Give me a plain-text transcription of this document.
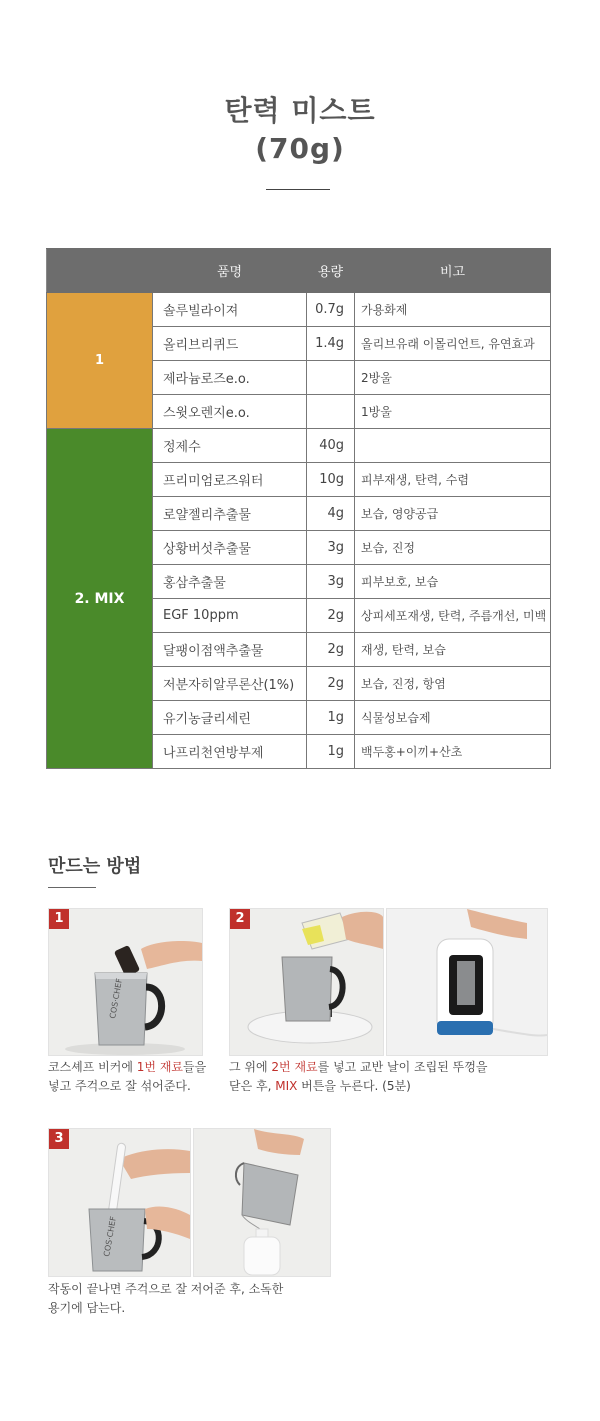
탄력 미스트
(70g)
	품명	용량	비고
1	솔루빌라이져	0.7g	가용화제
	올리브리퀴드	1.4g	올리브유래 이몰리언트, 유연효과
	제라늄로즈e.o.		2방울
	스윗오렌지e.o.		1방울
2. MIX	정제수	40g	
	프리미엄로즈워터	10g	피부재생, 탄력, 수렴
	로얄젤리추출물	4g	보습, 영양공급
	상황버섯추출물	3g	보습, 진정
	홍삼추출물	3g	피부보호, 보습
	EGF 10ppm	2g	상피세포재생, 탄력, 주름개선, 미백
	달팽이점액추출물	2g	재생, 탄력, 보습
	저분자히알루론산(1%)	2g	보습, 진정, 항염
	유기농글리세린	1g	식물성보습제
	나프리천연방부제	1g	백두홍+이끼+산초
만드는 방법
1
COS·CHEF
코스셰프 비커에 1번 재료들을
넣고 주걱으로 잘 섞어준다.
2
그 위에 2번 재료를 넣고 교반 날이 조립된 뚜껑을
닫은 후, MIX 버튼을 누른다. (5분)
3
COS·CHEF
작동이 끝나면 주걱으로 잘 저어준 후, 소독한
용기에 담는다.
